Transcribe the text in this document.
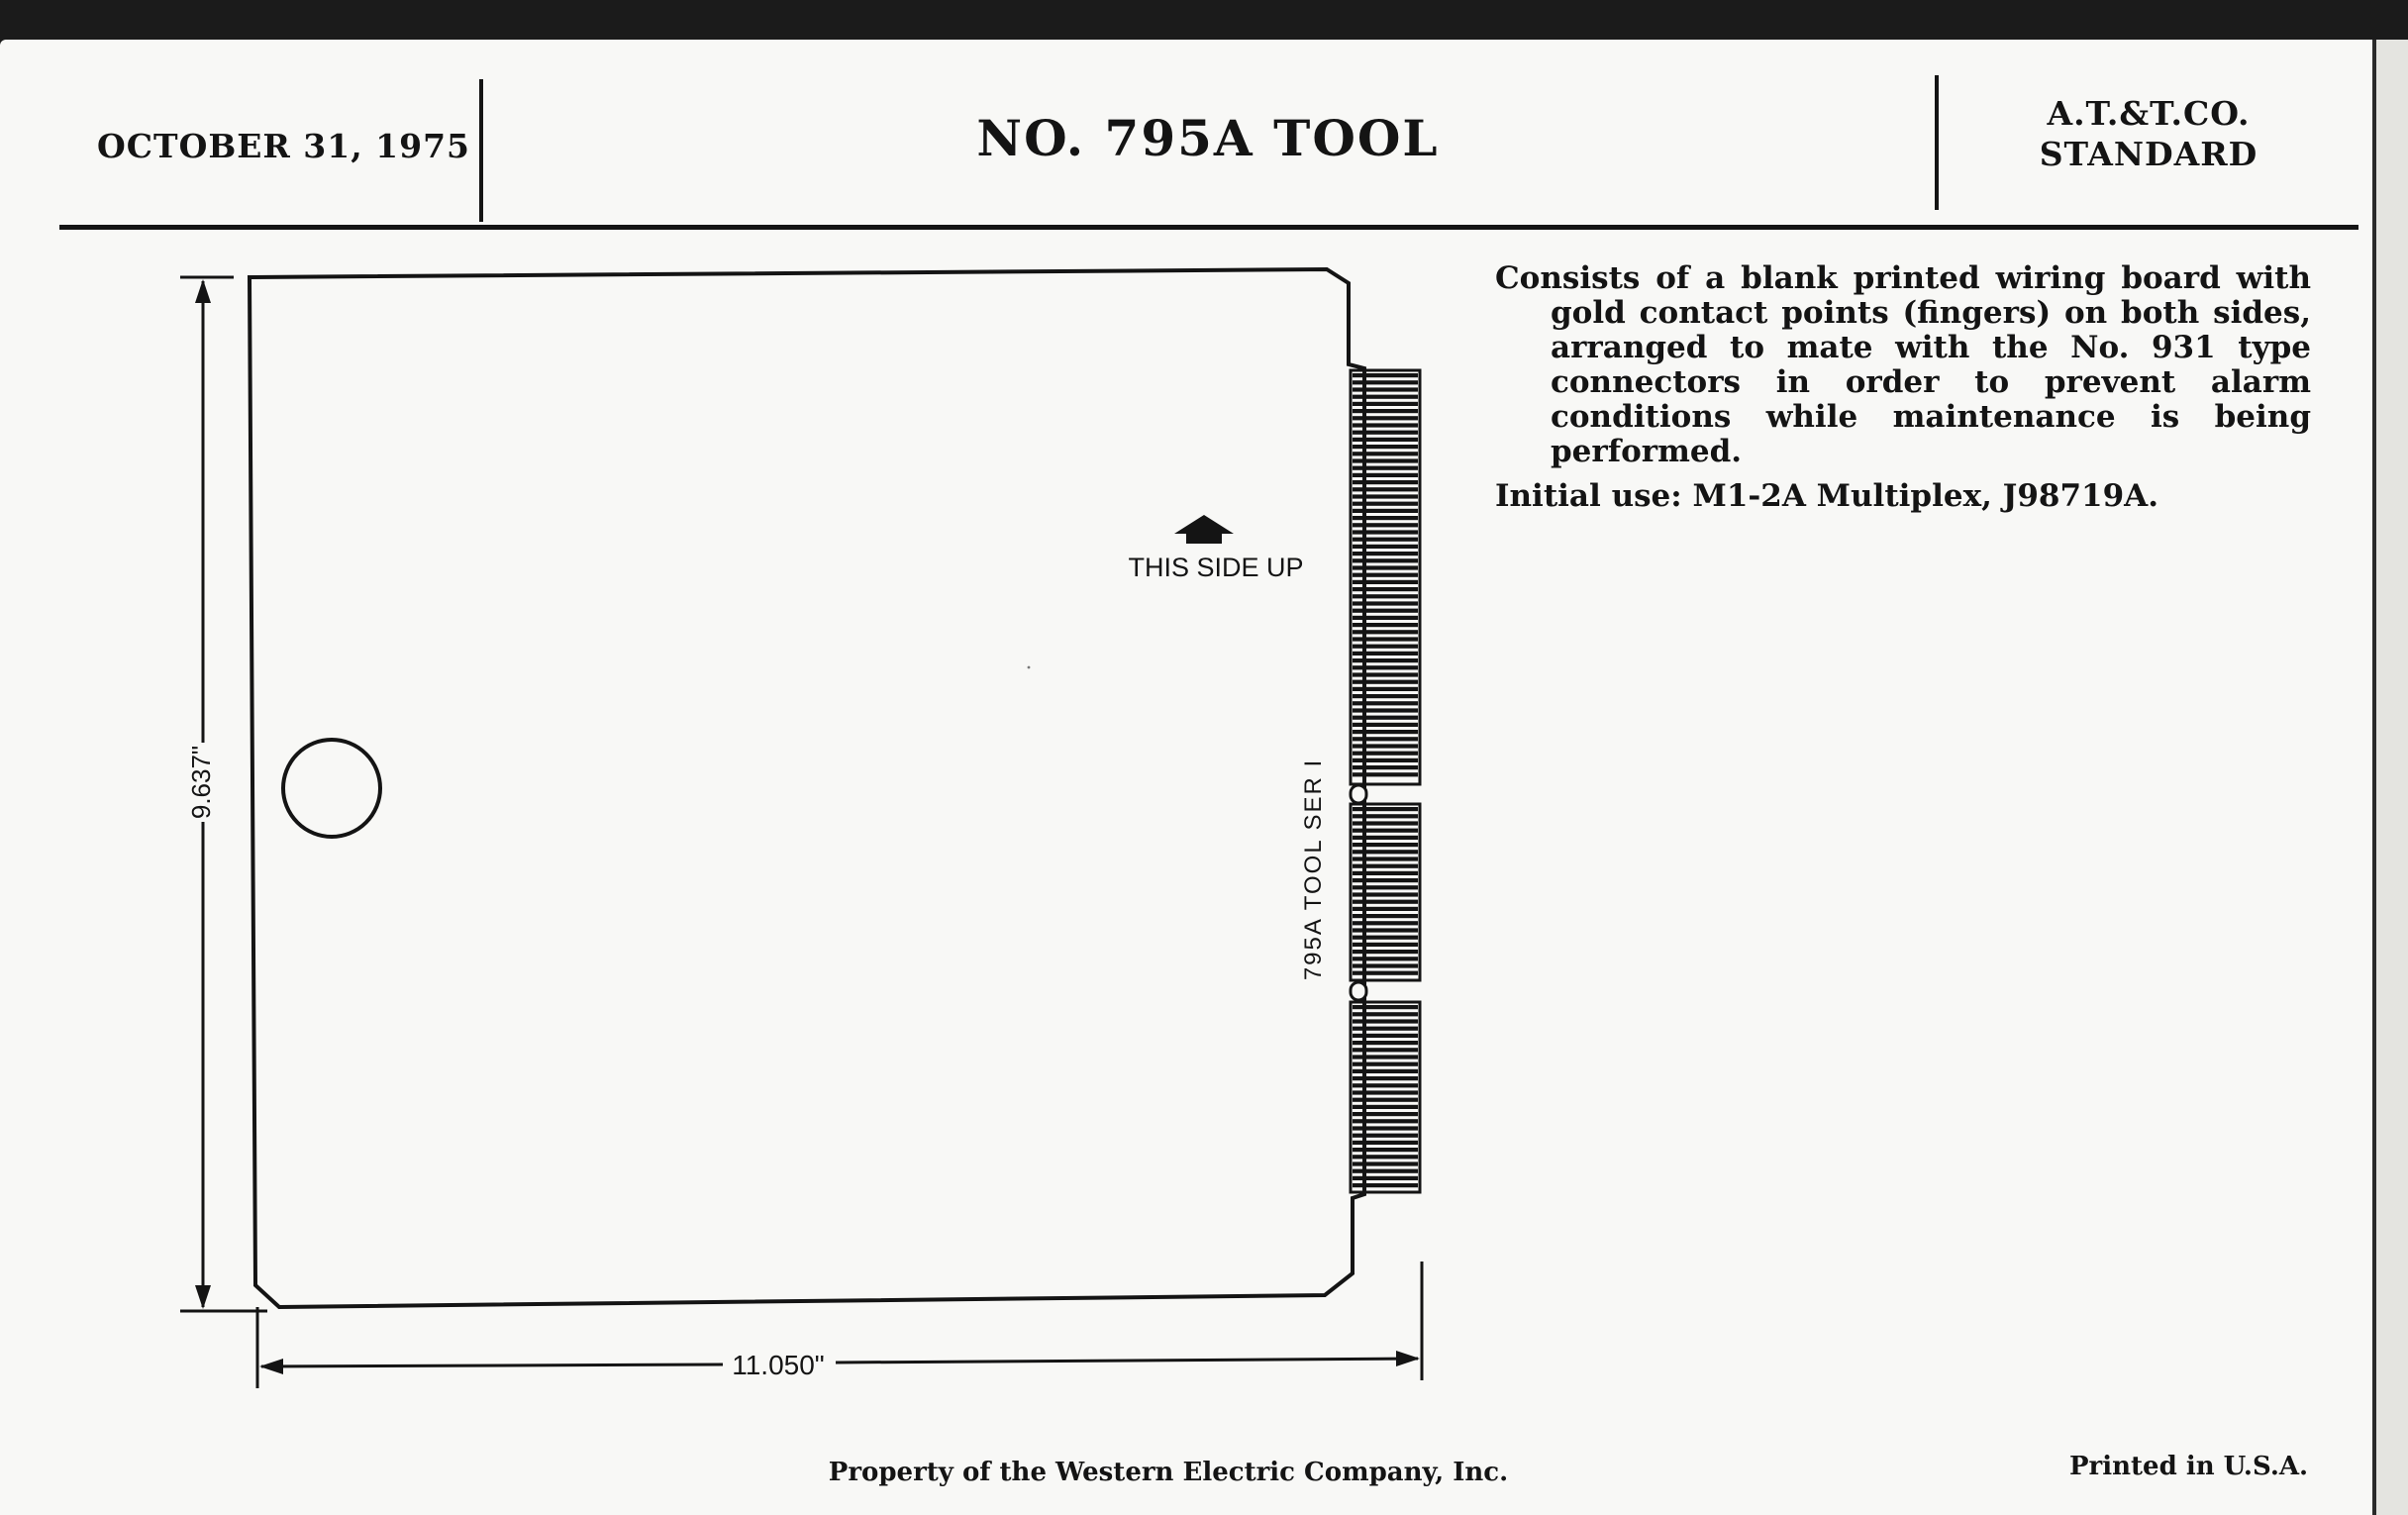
OCTOBER 31, 1975	NO. 795A TOOL	A.T.&T.CO.
STANDARD

Consists of a blank printed wiring board with gold contact points (fingers) on both sides, arranged to mate with the No. 931 type connectors in order to prevent alarm conditions while maintenance is being performed.

Initial use: M1-2A Multiplex, J98719A.

THIS SIDE UP
795A TOOL SER I
9.637"
11.050"
Property of the Western Electric Company, Inc.	Printed in U.S.A.
